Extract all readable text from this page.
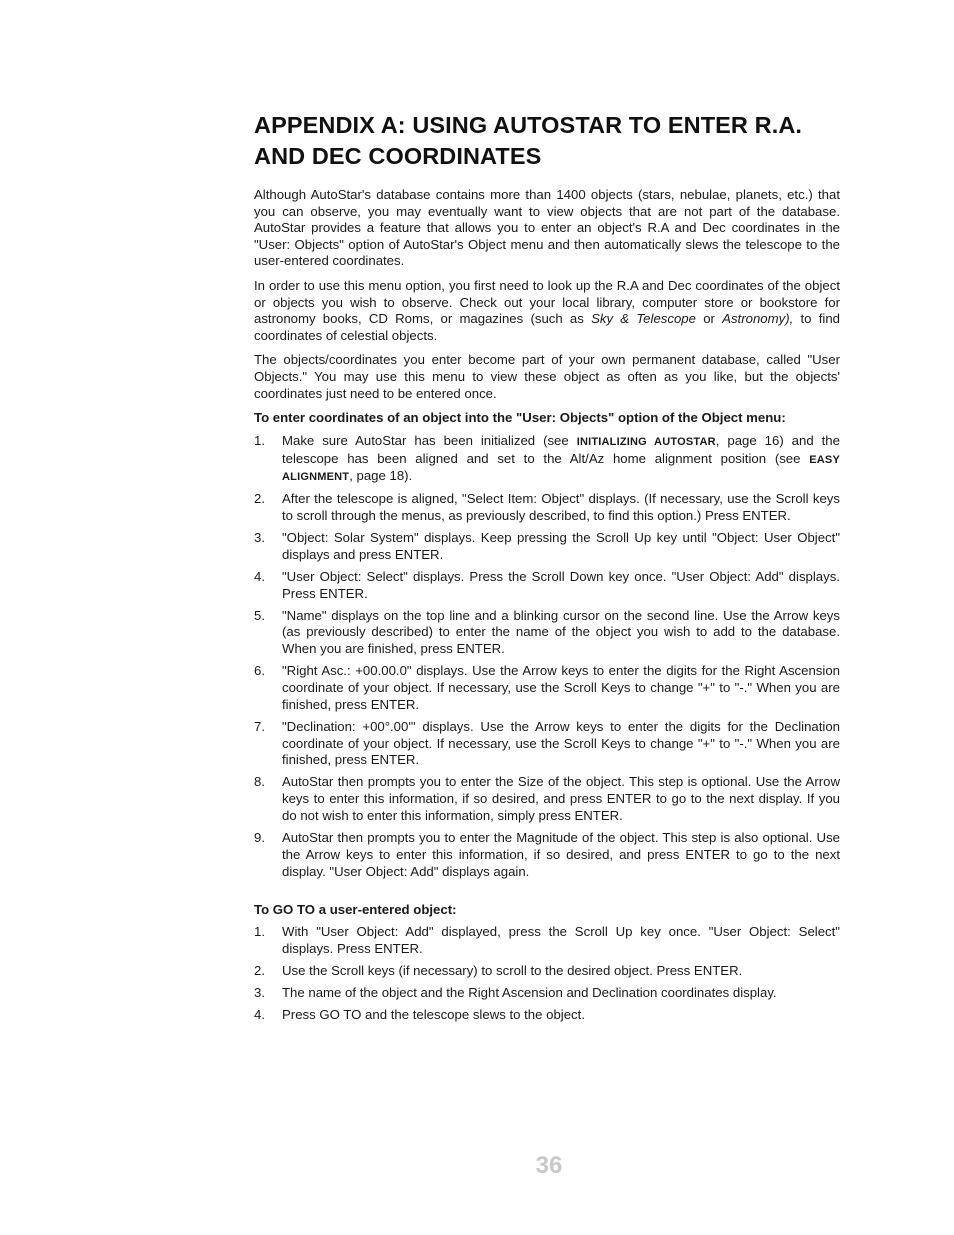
APPENDIX A: USING AUTOSTAR TO ENTER R.A.
AND DEC COORDINATES

Although AutoStar's database contains more than 1400 objects (stars, nebulae, planets, etc.) that you can observe, you may eventually want to view objects that are not part of the database. AutoStar provides a feature that allows you to enter an object's R.A and Dec coordinates in the "User: Objects" option of AutoStar's Object menu and then automatically slews the telescope to the user-entered coordinates.

In order to use this menu option, you first need to look up the R.A and Dec coordinates of the object or objects you wish to observe. Check out your local library, computer store or bookstore for astronomy books, CD Roms, or magazines (such as Sky & Telescope or Astronomy), to find coordinates of celestial objects.

The objects/coordinates you enter become part of your own permanent database, called "User Objects." You may use this menu to view these object as often as you like, but the objects' coordinates just need to be entered once.

To enter coordinates of an object into the "User: Objects" option of the Object menu:

1. Make sure AutoStar has been initialized (see INITIALIZING AUTOSTAR, page 16) and the telescope has been aligned and set to the Alt/Az home alignment position (see EASY ALIGNMENT, page 18).
2. After the telescope is aligned, "Select Item: Object" displays. (If necessary, use the Scroll keys to scroll through the menus, as previously described, to find this option.) Press ENTER.
3. "Object: Solar System" displays. Keep pressing the Scroll Up key until "Object: User Object" displays and press ENTER.
4. "User Object: Select" displays. Press the Scroll Down key once. "User Object: Add" displays. Press ENTER.
5. "Name" displays on the top line and a blinking cursor on the second line. Use the Arrow keys (as previously described) to enter the name of the object you wish to add to the database. When you are finished, press ENTER.
6. "Right Asc.: +00.00.0" displays. Use the Arrow keys to enter the digits for the Right Ascension coordinate of your object. If necessary, use the Scroll Keys to change "+" to "-." When you are finished, press ENTER.
7. "Declination: +00°.00'" displays. Use the Arrow keys to enter the digits for the Declination coordinate of your object. If necessary, use the Scroll Keys to change "+" to "-." When you are finished, press ENTER.
8. AutoStar then prompts you to enter the Size of the object. This step is optional. Use the Arrow keys to enter this information, if so desired, and press ENTER to go to the next display. If you do not wish to enter this information, simply press ENTER.
9. AutoStar then prompts you to enter the Magnitude of the object. This step is also optional. Use the Arrow keys to enter this information, if so desired, and press ENTER to go to the next display. "User Object: Add" displays again.

To GO TO a user-entered object:

1. With "User Object: Add" displayed, press the Scroll Up key once. "User Object: Select" displays. Press ENTER.
2. Use the Scroll keys (if necessary) to scroll to the desired object. Press ENTER.
3. The name of the object and the Right Ascension and Declination coordinates display.
4. Press GO TO and the telescope slews to the object.
36
